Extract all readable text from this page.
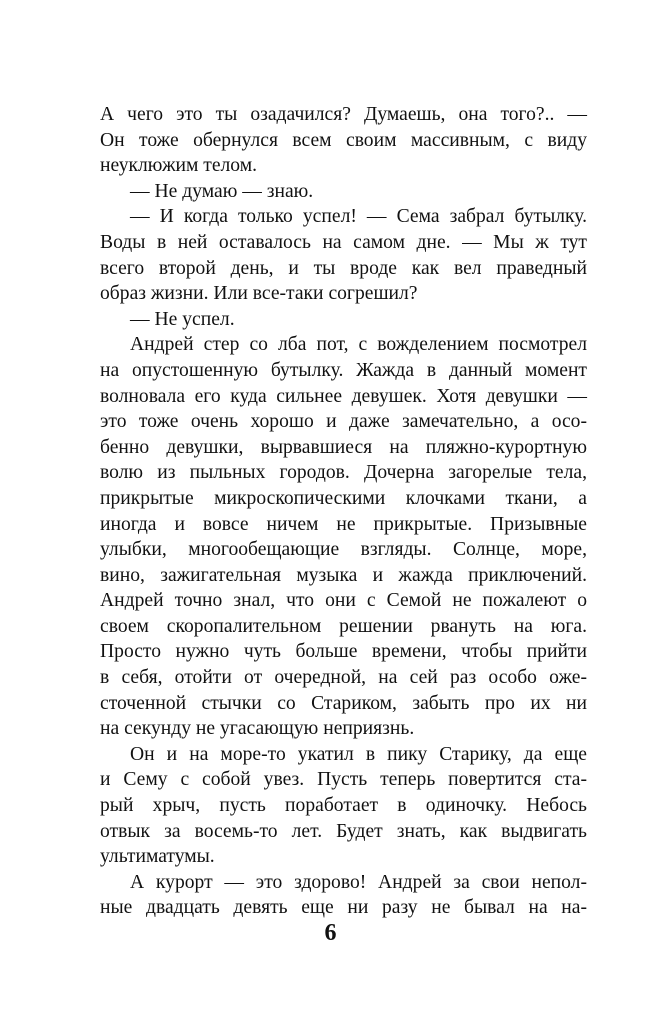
А чего это ты озадачился? Думаешь, она того?.. —
Он тоже обернулся всем своим массивным, с виду
неуклюжим телом.
— Не думаю — знаю.
— И когда только успел! — Сема забрал бутылку.
Воды в ней оставалось на самом дне. — Мы ж тут
всего второй день, и ты вроде как вел праведный
образ жизни. Или все-таки согрешил?
— Не успел.
Андрей стер со лба пот, с вожделением посмотрел
на опустошенную бутылку. Жажда в данный момент
волновала его куда сильнее девушек. Хотя девушки —
это тоже очень хорошо и даже замечательно, а осо-
бенно девушки, вырвавшиеся на пляжно-курортную
волю из пыльных городов. Дочерна загорелые тела,
прикрытые микроскопическими клочками ткани, а
иногда и вовсе ничем не прикрытые. Призывные
улыбки, многообещающие взгляды. Солнце, море,
вино, зажигательная музыка и жажда приключений.
Андрей точно знал, что они с Семой не пожалеют о
своем скоропалительном решении рвануть на юга.
Просто нужно чуть больше времени, чтобы прийти
в себя, отойти от очередной, на сей раз особо оже-
сточенной стычки со Стариком, забыть про их ни
на секунду не угасающую неприязнь.
Он и на море-то укатил в пику Старику, да еще
и Сему с собой увез. Пусть теперь повертится ста-
рый хрыч, пусть поработает в одиночку. Небось
отвык за восемь-то лет. Будет знать, как выдвигать
ультиматумы.
А курорт — это здорово! Андрей за свои непол-
ные двадцать девять еще ни разу не бывал на на-
6
